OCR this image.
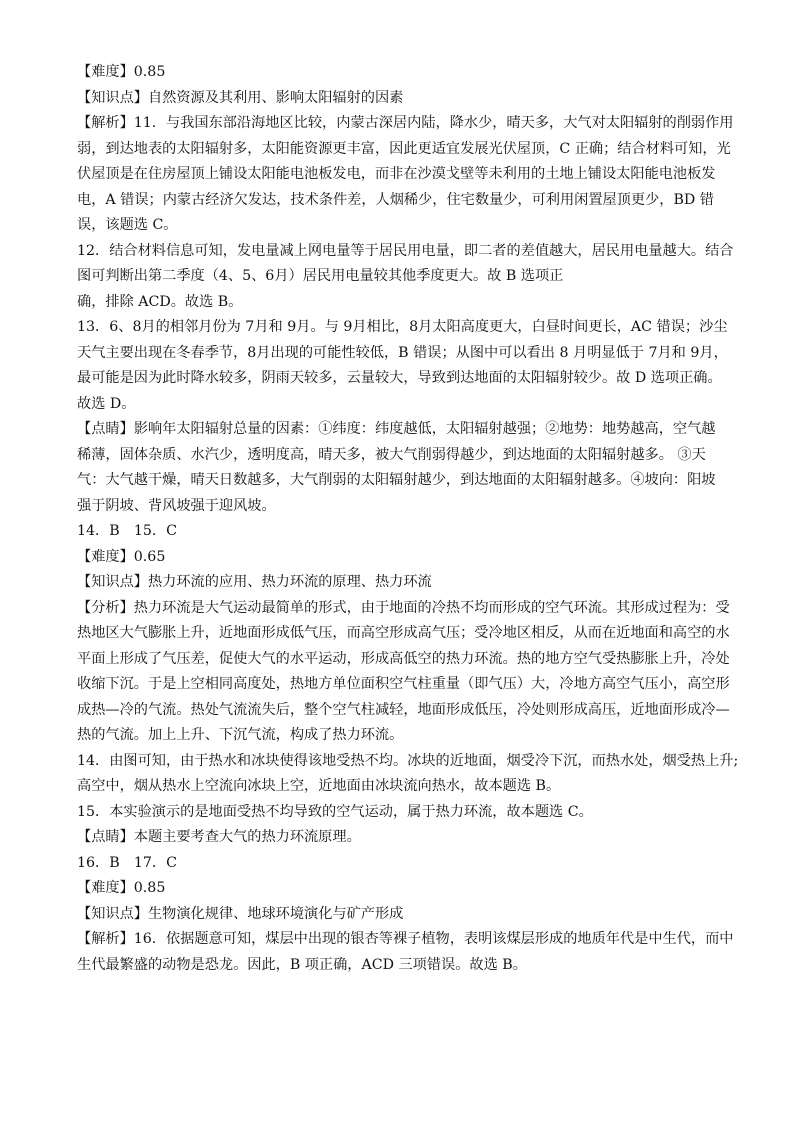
【难度】0.85

【知识点】自然资源及其利用、影响太阳辐射的因素

【解析】11．与我国东部沿海地区比较，内蒙古深居内陆，降水少，晴天多，大气对太阳辐射的削弱作用
弱，到达地表的太阳辐射多，太阳能资源更丰富，因此更适宜发展光伏屋顶，C 正确；结合材料可知，光
伏屋顶是在住房屋顶上铺设太阳能电池板发电，而非在沙漠戈壁等未利用的土地上铺设太阳能电池板发
电，A 错误；内蒙古经济欠发达，技术条件差，人烟稀少，住宅数量少，可利用闲置屋顶更少，BD 错
误，该题选 C。

12．结合材料信息可知，发电量减上网电量等于居民用电量，即二者的差值越大，居民用电量越大。结合
图可判断出第二季度（4、5、6月）居民用电量较其他季度更大。故 B 选项正
确，排除 ACD。故选 B。

13．6、8月的相邻月份为 7月和 9月。与 9月相比，8月太阳高度更大，白昼时间更长，AC 错误；沙尘
天气主要出现在冬春季节，8月出现的可能性较低，B 错误；从图中可以看出 8 月明显低于 7月和 9月，
最可能是因为此时降水较多，阴雨天较多，云量较大，导致到达地面的太阳辐射较少。故 D 选项正确。
故选 D。

【点睛】影响年太阳辐射总量的因素：①纬度：纬度越低，太阳辐射越强；②地势：地势越高，空气越
稀薄，固体杂质、水汽少，透明度高，晴天多，被大气削弱得越少，到达地面的太阳辐射越多。 ③天
气：大气越干燥，晴天日数越多，大气削弱的太阳辐射越少，到达地面的太阳辐射越多。④坡向：阳坡
强于阴坡、背风坡强于迎风坡。

14．B　15．C

【难度】0.65

【知识点】热力环流的应用、热力环流的原理、热力环流

【分析】热力环流是大气运动最简单的形式，由于地面的冷热不均而形成的空气环流。其形成过程为：受
热地区大气膨胀上升，近地面形成低气压，而高空形成高气压；受冷地区相反，从而在近地面和高空的水
平面上形成了气压差，促使大气的水平运动，形成高低空的热力环流。热的地方空气受热膨胀上升，冷处
收缩下沉。于是上空相同高度处，热地方单位面积空气柱重量（即气压）大，冷地方高空气压小，高空形
成热—冷的气流。热处气流流失后，整个空气柱减轻，地面形成低压，冷处则形成高压，近地面形成冷—
热的气流。加上上升、下沉气流，构成了热力环流。

14．由图可知，由于热水和冰块使得该地受热不均。冰块的近地面，烟受冷下沉，而热水处，烟受热上升;
高空中，烟从热水上空流向冰块上空，近地面由冰块流向热水，故本题选 B。

15．本实验演示的是地面受热不均导致的空气运动，属于热力环流，故本题选 C。

【点睛】本题主要考查大气的热力环流原理。

16．B　17．C

【难度】0.85

【知识点】生物演化规律、地球环境演化与矿产形成

【解析】16．依据题意可知，煤层中出现的银杏等裸子植物，表明该煤层形成的地质年代是中生代，而中
生代最繁盛的动物是恐龙。因此，B 项正确，ACD 三项错误。故选 B。
